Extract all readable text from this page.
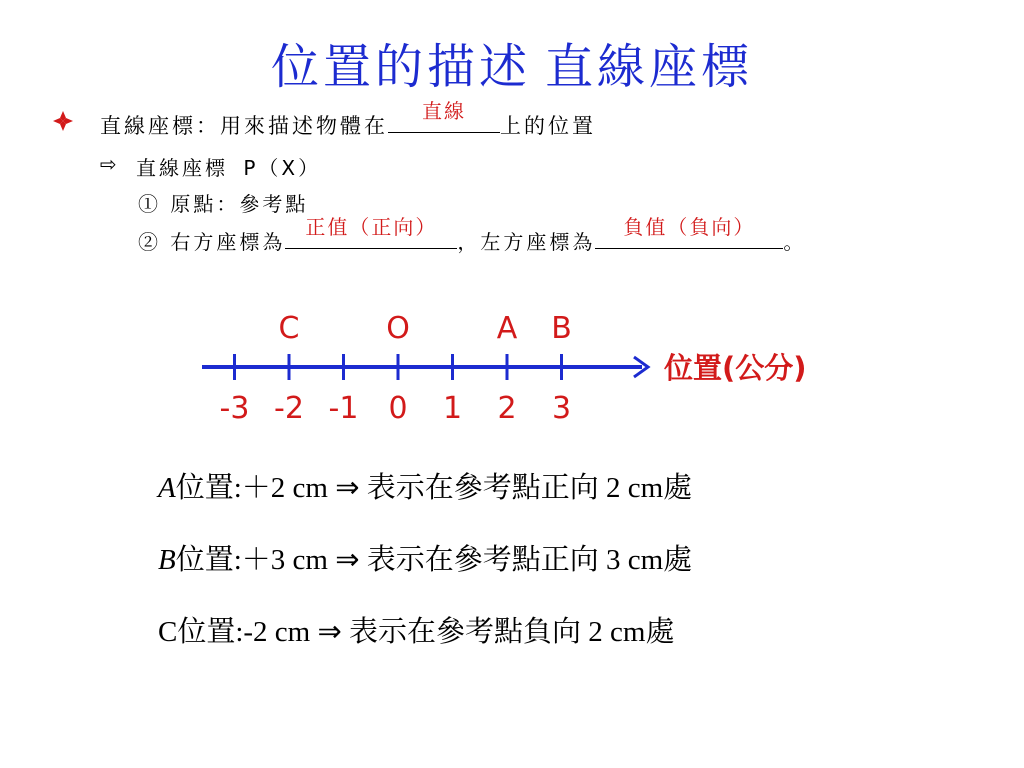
位置的描述 直線座標
直線座標：用來描述物體在
直線
上的位置
⇨ 直線座標 P（X）
① 原點：參考點
② 右方座標為
正值（正向）
，左方座標為
負值（負向）
。
-3 -2 -1 0 1 2 3
C	O	A B
位置(公分)
A位置:＋2 cm ⇒ 表示在參考點正向 2 cm處
B位置:＋3 cm ⇒ 表示在參考點正向 3 cm處
C位置:-2 cm ⇒ 表示在參考點負向 2 cm處
